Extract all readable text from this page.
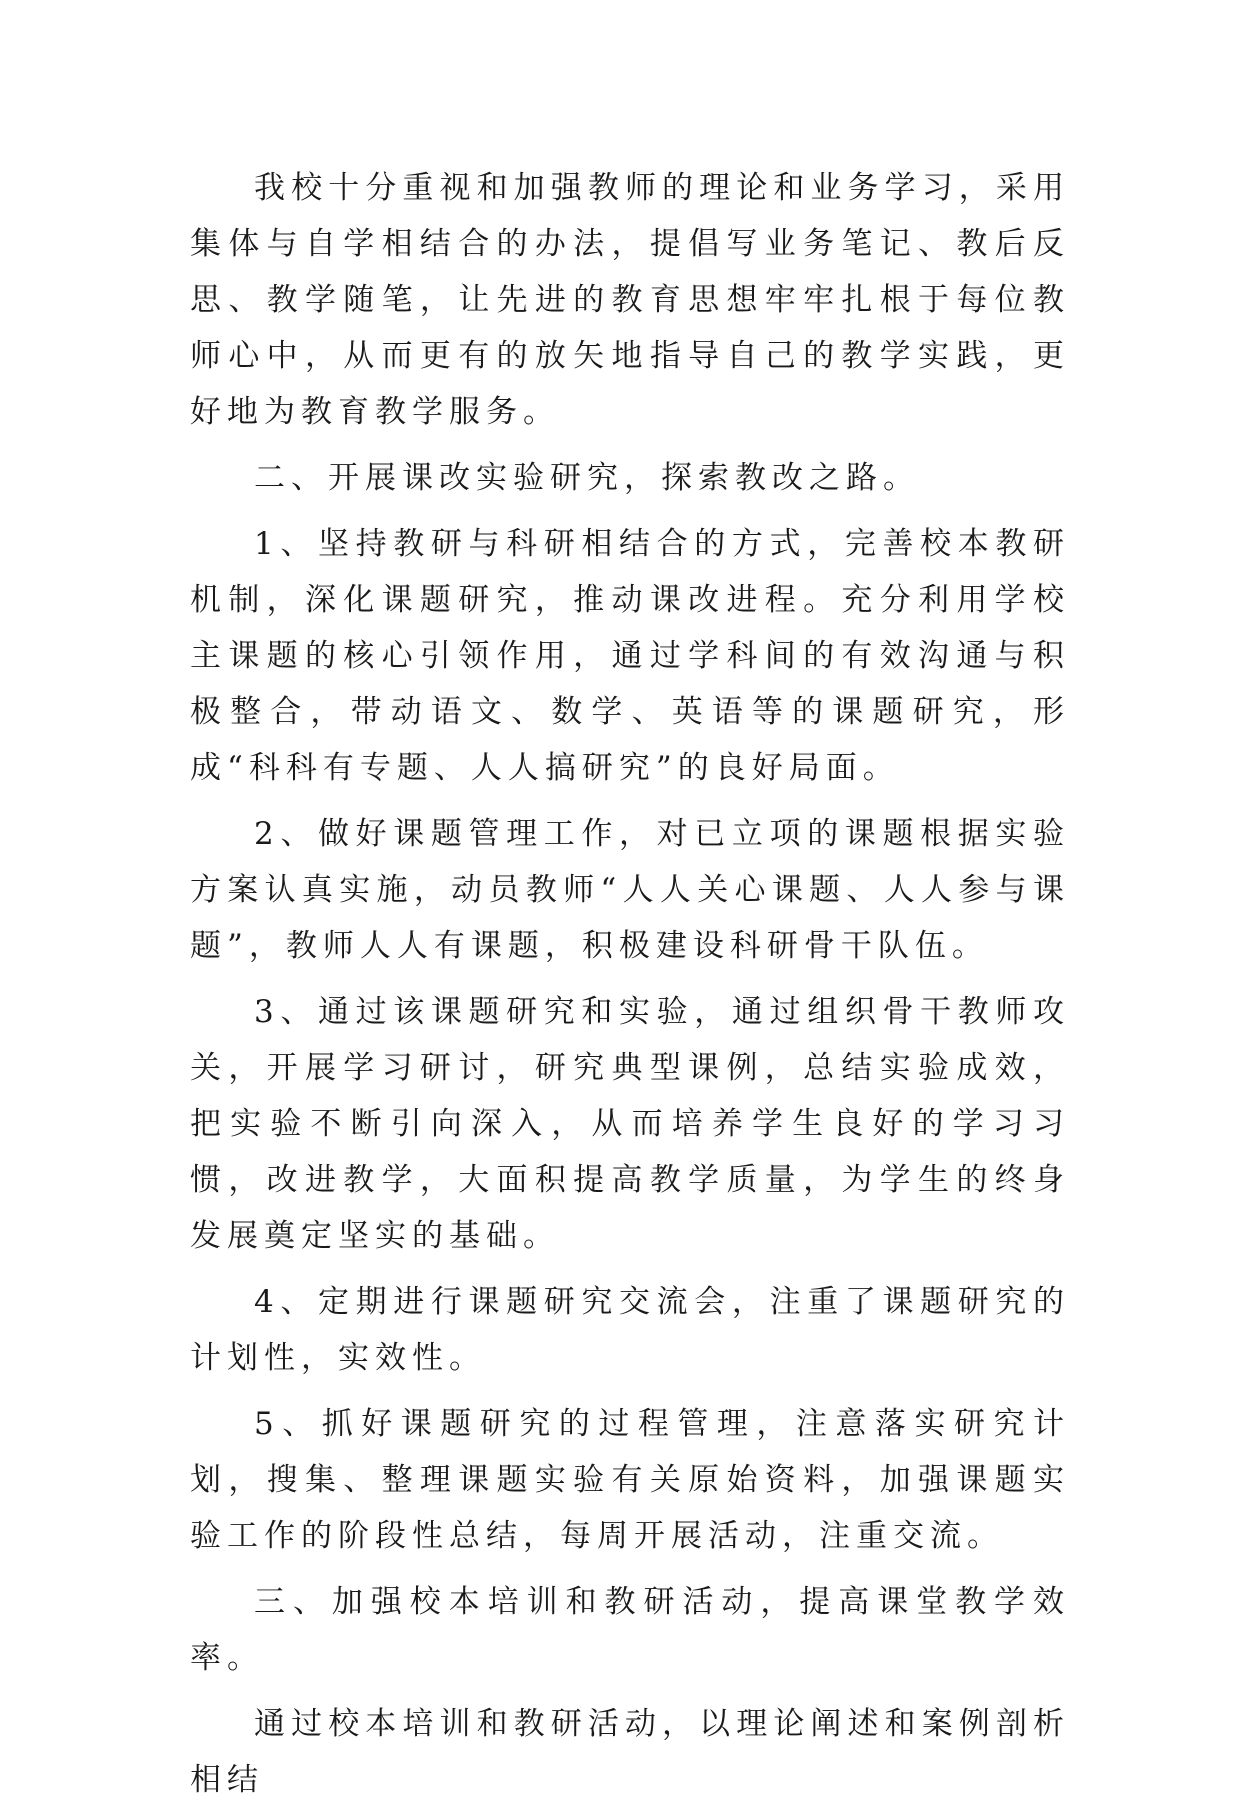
我校十分重视和加强教师的理论和业务学习，采用集体与自学相结合的办法，提倡写业务笔记、教后反思、教学随笔，让先进的教育思想牢牢扎根于每位教师心中，从而更有的放矢地指导自己的教学实践，更好地为教育教学服务。

二、开展课改实验研究，探索教改之路。

1、坚持教研与科研相结合的方式，完善校本教研机制，深化课题研究，推动课改进程。充分利用学校主课题的核心引领作用，通过学科间的有效沟通与积极整合，带动语文、数学、英语等的课题研究，形成“科科有专题、人人搞研究”的良好局面。

2、做好课题管理工作，对已立项的课题根据实验方案认真实施，动员教师“人人关心课题、人人参与课题”，教师人人有课题，积极建设科研骨干队伍。

3、通过该课题研究和实验，通过组织骨干教师攻关，开展学习研讨，研究典型课例，总结实验成效，把实验不断引向深入，从而培养学生良好的学习习惯，改进教学，大面积提高教学质量，为学生的终身发展奠定坚实的基础。

4、定期进行课题研究交流会，注重了课题研究的计划性，实效性。

5、抓好课题研究的过程管理，注意落实研究计划，搜集、整理课题实验有关原始资料，加强课题实验工作的阶段性总结，每周开展活动，注重交流。

三、加强校本培训和教研活动，提高课堂教学效率。

通过校本培训和教研活动，以理论阐述和案例剖析相结
